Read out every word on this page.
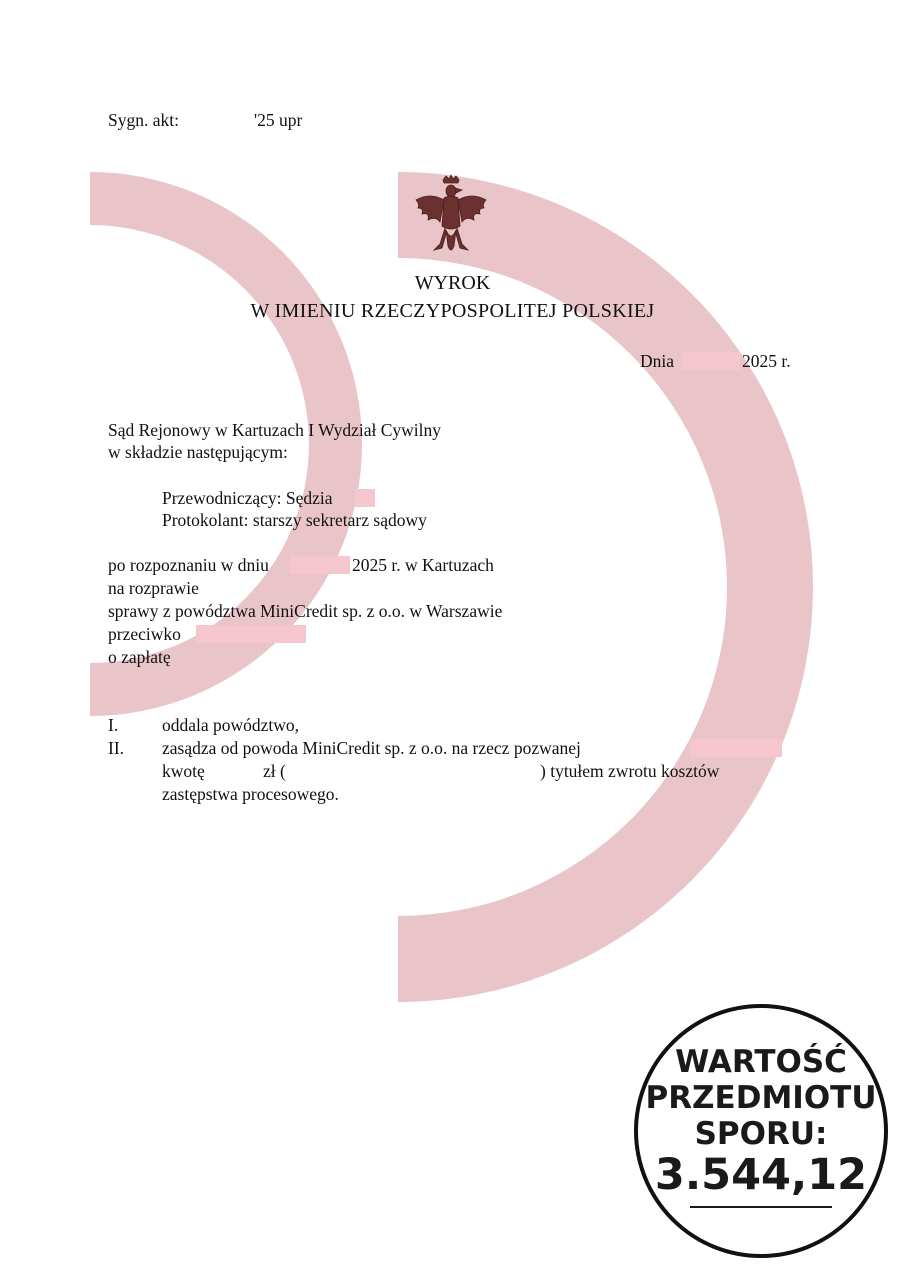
Sygn. akt:	'25 upr
WYROK
W IMIENIU RZECZYPOSPOLITEJ POLSKIEJ
Dnia	2025 r.
Sąd Rejonowy w Kartuzach I Wydział Cywilny
w składzie następującym:
Przewodniczący: Sędzia
Protokolant: starszy sekretarz sądowy
po rozpoznaniu w dniu	2025 r. w Kartuzach
na rozprawie
sprawy z powództwa MiniCredit sp. z o.o. w Warszawie
przeciwko
o zapłatę
I.	oddala powództwo,
II. zasądza od powoda MiniCredit sp. z o.o. na rzecz pozwanej
kwotę	zł (	) tytułem zwrotu kosztów
zastępstwa procesowego.
WARTOŚĆ
PRZEDMIOTU
SPORU:
3.544,12
